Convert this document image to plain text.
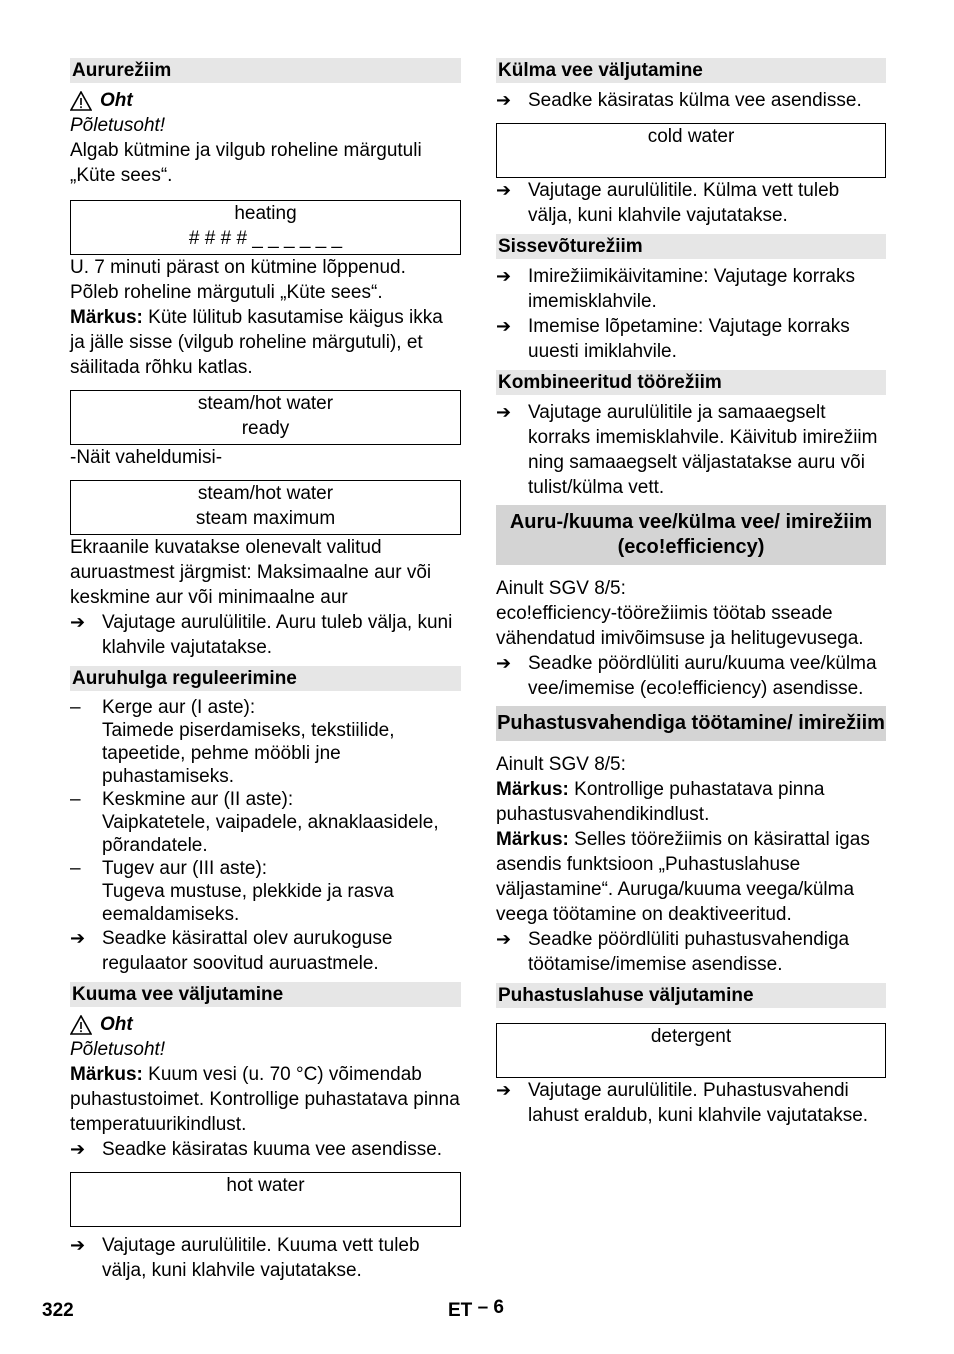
Aururežiim
Oht
Põletusoht!
Algab kütmine ja vilgub roheline märgutuli „Küte sees“.
heating
# # # # _ _ _ _ _ _
U. 7 minuti pärast on kütmine lõppenud.
Põleb roheline märgutuli „Küte sees“.
Märkus: Küte lülitub kasutamise käigus ikka ja jälle sisse (vilgub roheline märgutuli), et säilitada rõhku katlas.
steam/hot water
ready
-Näit vaheldumisi-
steam/hot water
steam maximum
Ekraanile kuvatakse olenevalt valitud auruastmest järgmist: Maksimaalne aur või keskmine aur või minimaalne aur
➔ Vajutage aurulülitile. Auru tuleb välja, kuni klahvile vajutatakse.
Auruhulga reguleerimine
–	Kerge aur (I aste):
Taimede piserdamiseks, tekstiilide, tapeetide, pehme mööbli jne puhastamiseks.
–	Keskmine aur (II aste):
Vaipkatetele, vaipadele, aknaklaasidele, põrandatele.
–	Tugev aur (III aste):
Tugeva mustuse, plekkide ja rasva eemaldamiseks.
➔ Seadke käsirattal olev aurukoguse regulaator soovitud auruastmele.
Kuuma vee väljutamine
Oht
Põletusoht!
Märkus: Kuum vesi (u. 70 °C) võimendab puhastustoimet. Kontrollige puhastatava pinna temperatuurikindlust.
➔ Seadke käsiratas kuuma vee asendisse.
hot water
➔ Vajutage aurulülitile. Kuuma vett tuleb välja, kuni klahvile vajutatakse.
Külma vee väljutamine
➔ Seadke käsiratas külma vee asendisse.
cold water
➔ Vajutage aurulülitile. Külma vett tuleb välja, kuni klahvile vajutatakse.
Sissevõturežiim
➔ Imirežiimikäivitamine: Vajutage korraks imemisklahvile.
➔ Imemise lõpetamine: Vajutage korraks uuesti imiklahvile.
Kombineeritud töörežiim
➔ Vajutage aurulülitile ja samaaegselt korraks imemisklahvile. Käivitub imirežiim ning samaaegselt väljastatakse auru või tulist/külma vett.
Auru-/kuuma vee/külma vee/ imirežiim (eco!efficiency)
Ainult SGV 8/5:
eco!efficiency-töörežiimis töötab sseade vähendatud imivõimsuse ja helitugevusega.
➔ Seadke pöördlüliti auru/kuuma vee/külma vee/imemise (eco!efficiency) asendisse.
Puhastusvahendiga töötamine/ imirežiim
Ainult SGV 8/5:
Märkus: Kontrollige puhastatava pinna puhastusvahendikindlust.
Märkus: Selles töörežiimis on käsirattal igas asendis funktsioon „Puhastuslahuse väljastamine“. Auruga/kuuma veega/külma veega töötamine on deaktiveeritud.
➔ Seadke pöördlüliti puhastusvahendiga töötamise/imemise asendisse.
Puhastuslahuse väljutamine
detergent
➔ Vajutage aurulülitile. Puhastusvahendi lahust eraldub, kuni klahvile vajutatakse.
322	ET – 6
